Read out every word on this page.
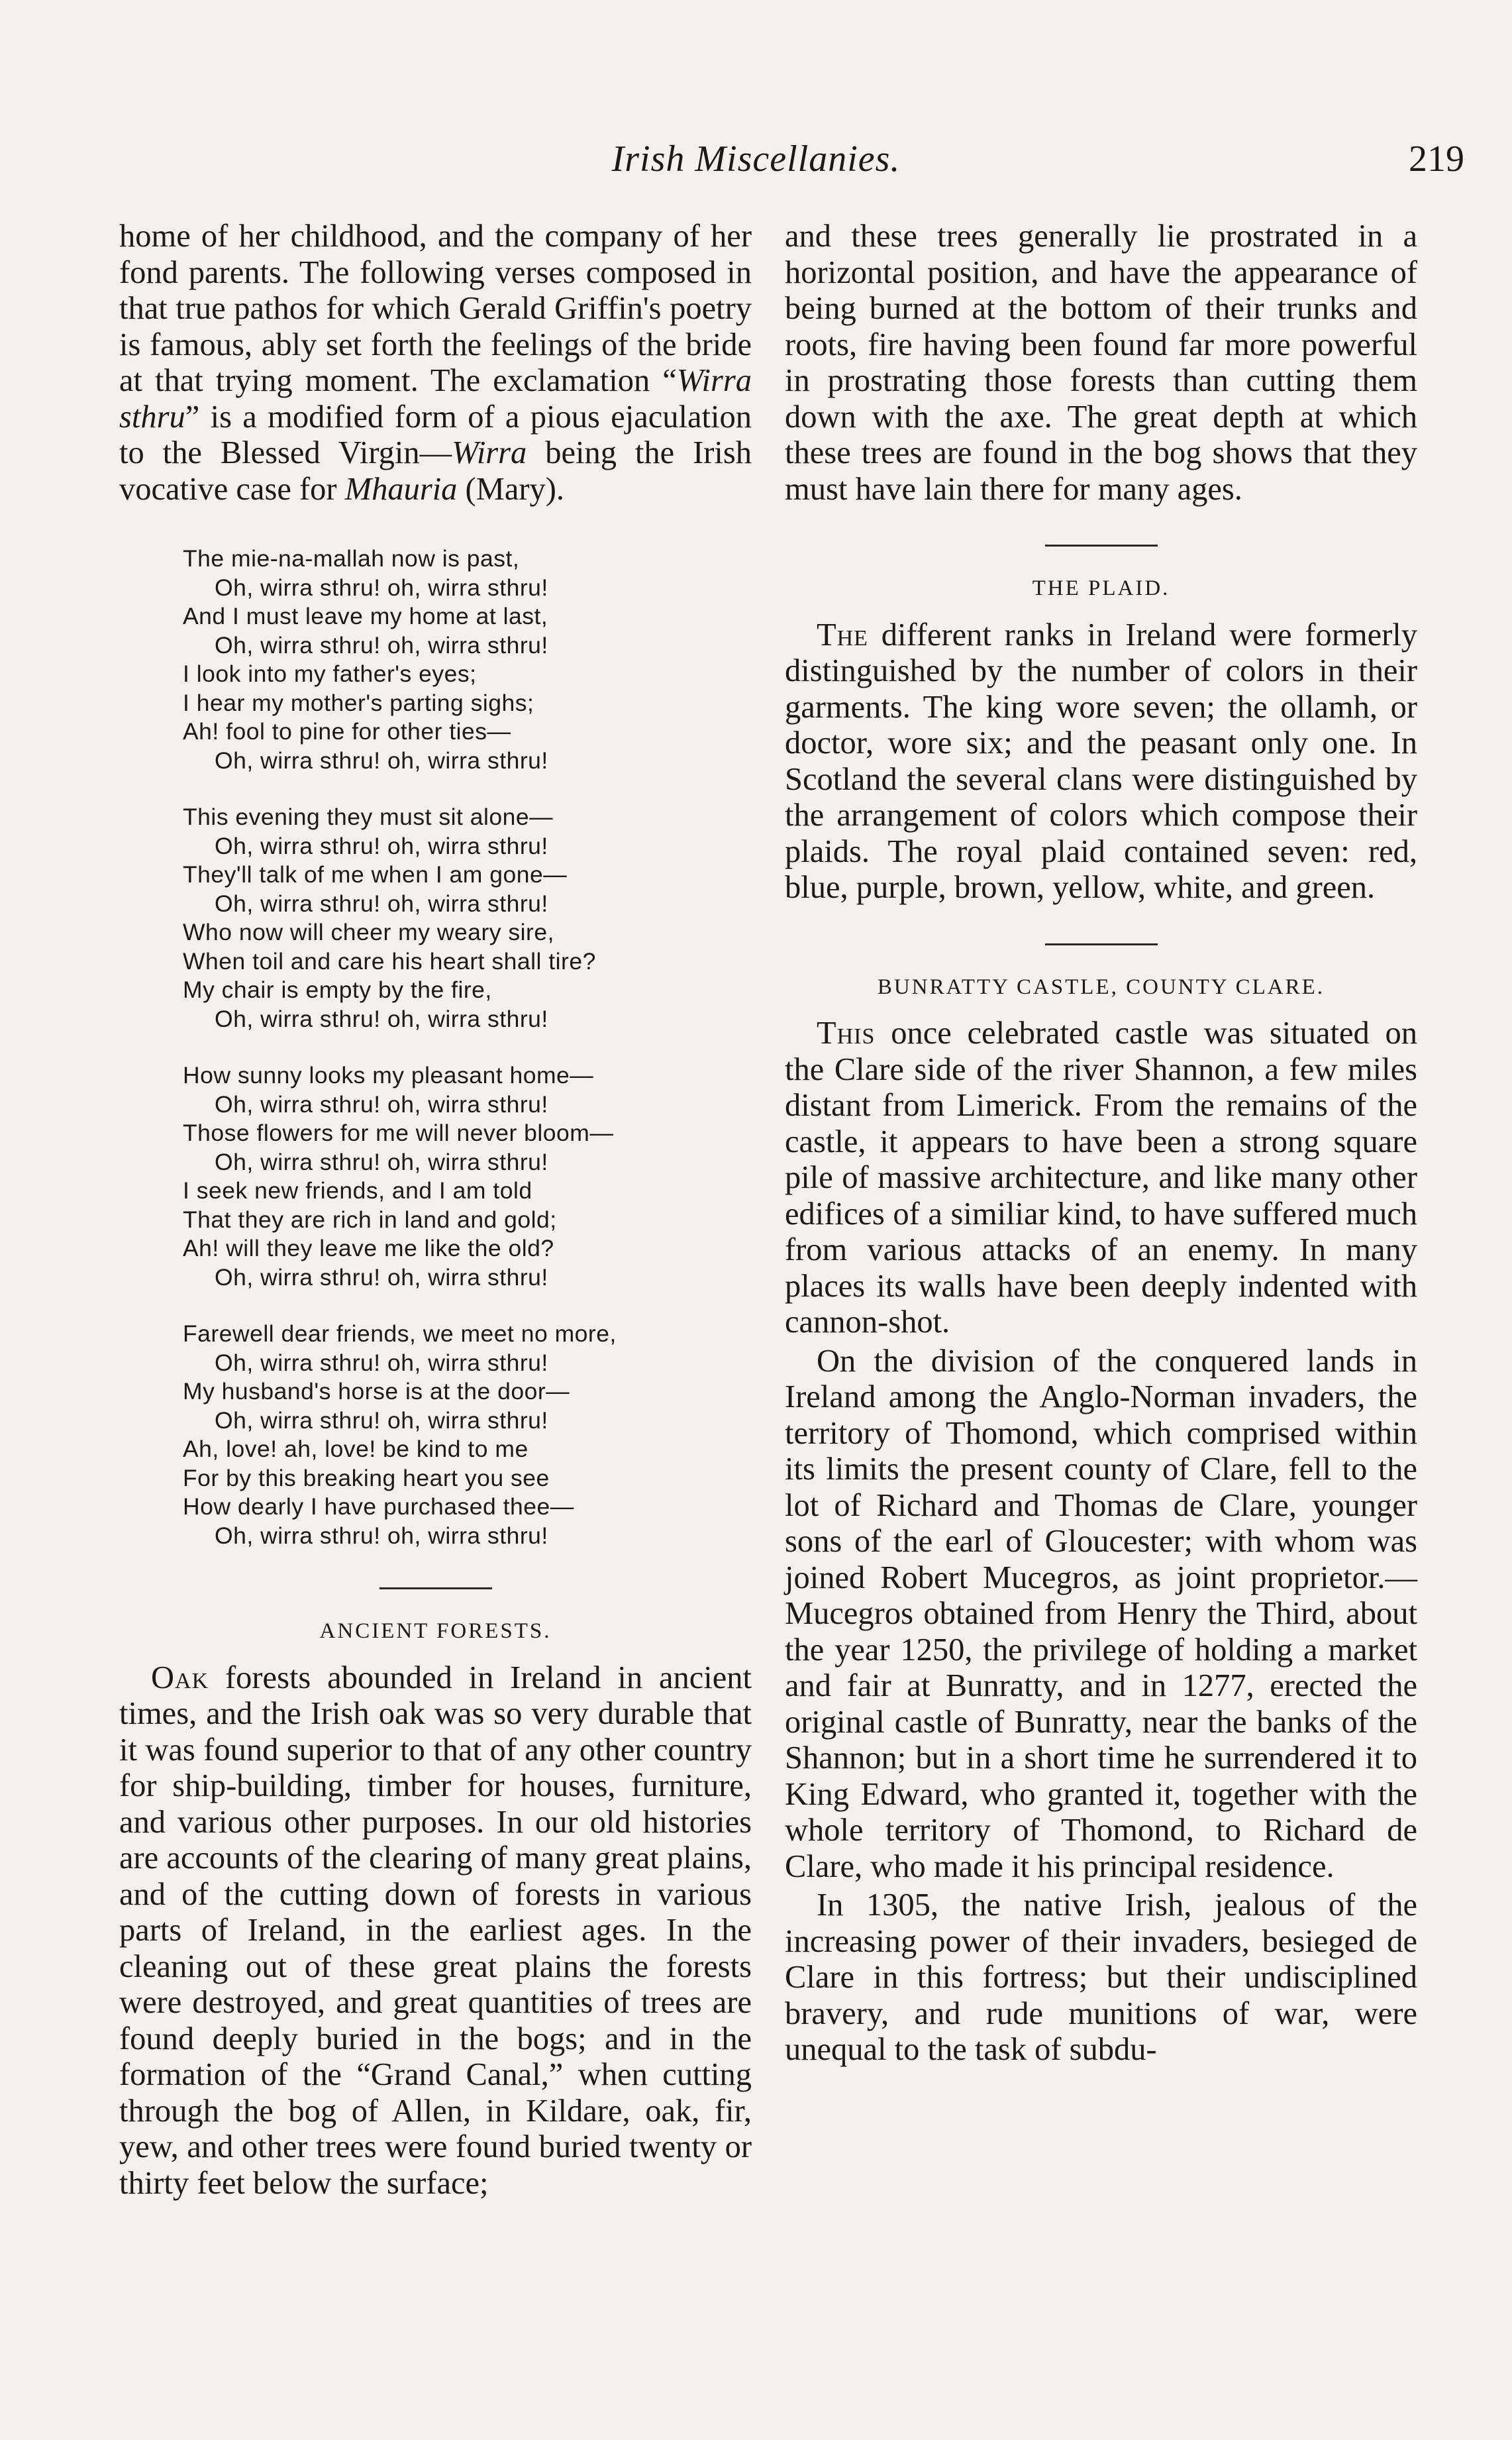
Irish Miscellanies.	219

home of her childhood, and the company of her fond parents. The following verses composed in that true pathos for which Gerald Griffin's poetry is famous, ably set forth the feelings of the bride at that trying moment. The exclamation “Wirra sthru” is a modified form of a pious ejaculation to the Blessed Virgin—Wirra being the Irish vocative case for Mhauria (Mary).

The mie-na-mallah now is past,
Oh, wirra sthru! oh, wirra sthru!
And I must leave my home at last,
Oh, wirra sthru! oh, wirra sthru!
I look into my father's eyes;
I hear my mother's parting sighs;
Ah! fool to pine for other ties—
Oh, wirra sthru! oh, wirra sthru!
This evening they must sit alone—
Oh, wirra sthru! oh, wirra sthru!
They'll talk of me when I am gone—
Oh, wirra sthru! oh, wirra sthru!
Who now will cheer my weary sire,
When toil and care his heart shall tire?
My chair is empty by the fire,
Oh, wirra sthru! oh, wirra sthru!
How sunny looks my pleasant home—
Oh, wirra sthru! oh, wirra sthru!
Those flowers for me will never bloom—
Oh, wirra sthru! oh, wirra sthru!
I seek new friends, and I am told
That they are rich in land and gold;
Ah! will they leave me like the old?
Oh, wirra sthru! oh, wirra sthru!
Farewell dear friends, we meet no more,
Oh, wirra sthru! oh, wirra sthru!
My husband's horse is at the door—
Oh, wirra sthru! oh, wirra sthru!
Ah, love! ah, love! be kind to me
For by this breaking heart you see
How dearly I have purchased thee—
Oh, wirra sthru! oh, wirra sthru!
ANCIENT FORESTS.

Oak forests abounded in Ireland in ancient times, and the Irish oak was so very durable that it was found superior to that of any other country for ship-building, timber for houses, furniture, and various other purposes. In our old histories are accounts of the clearing of many great plains, and of the cutting down of forests in various parts of Ireland, in the earliest ages. In the cleaning out of these great plains the forests were destroyed, and great quantities of trees are found deeply buried in the bogs; and in the formation of the “Grand Canal,” when cutting through the bog of Allen, in Kildare, oak, fir, yew, and other trees were found buried twenty or thirty feet below the surface;

and these trees generally lie prostrated in a horizontal position, and have the appearance of being burned at the bottom of their trunks and roots, fire having been found far more powerful in prostrating those forests than cutting them down with the axe. The great depth at which these trees are found in the bog shows that they must have lain there for many ages.

THE PLAID.

The different ranks in Ireland were formerly distinguished by the number of colors in their garments. The king wore seven; the ollamh, or doctor, wore six; and the peasant only one. In Scotland the several clans were distinguished by the arrangement of colors which compose their plaids. The royal plaid contained seven: red, blue, purple, brown, yellow, white, and green.

BUNRATTY CASTLE, COUNTY CLARE.

This once celebrated castle was situated on the Clare side of the river Shannon, a few miles distant from Limerick. From the remains of the castle, it appears to have been a strong square pile of massive architecture, and like many other edifices of a similiar kind, to have suffered much from various attacks of an enemy. In many places its walls have been deeply indented with cannon-shot.

On the division of the conquered lands in Ireland among the Anglo-Norman invaders, the territory of Thomond, which comprised within its limits the present county of Clare, fell to the lot of Richard and Thomas de Clare, younger sons of the earl of Gloucester; with whom was joined Robert Mucegros, as joint proprietor.—Mucegros obtained from Henry the Third, about the year 1250, the privilege of holding a market and fair at Bunratty, and in 1277, erected the original castle of Bunratty, near the banks of the Shannon; but in a short time he surrendered it to King Edward, who granted it, together with the whole territory of Thomond, to Richard de Clare, who made it his principal residence.

In 1305, the native Irish, jealous of the increasing power of their invaders, besieged de Clare in this fortress; but their undisciplined bravery, and rude munitions of war, were unequal to the task of subdu-
